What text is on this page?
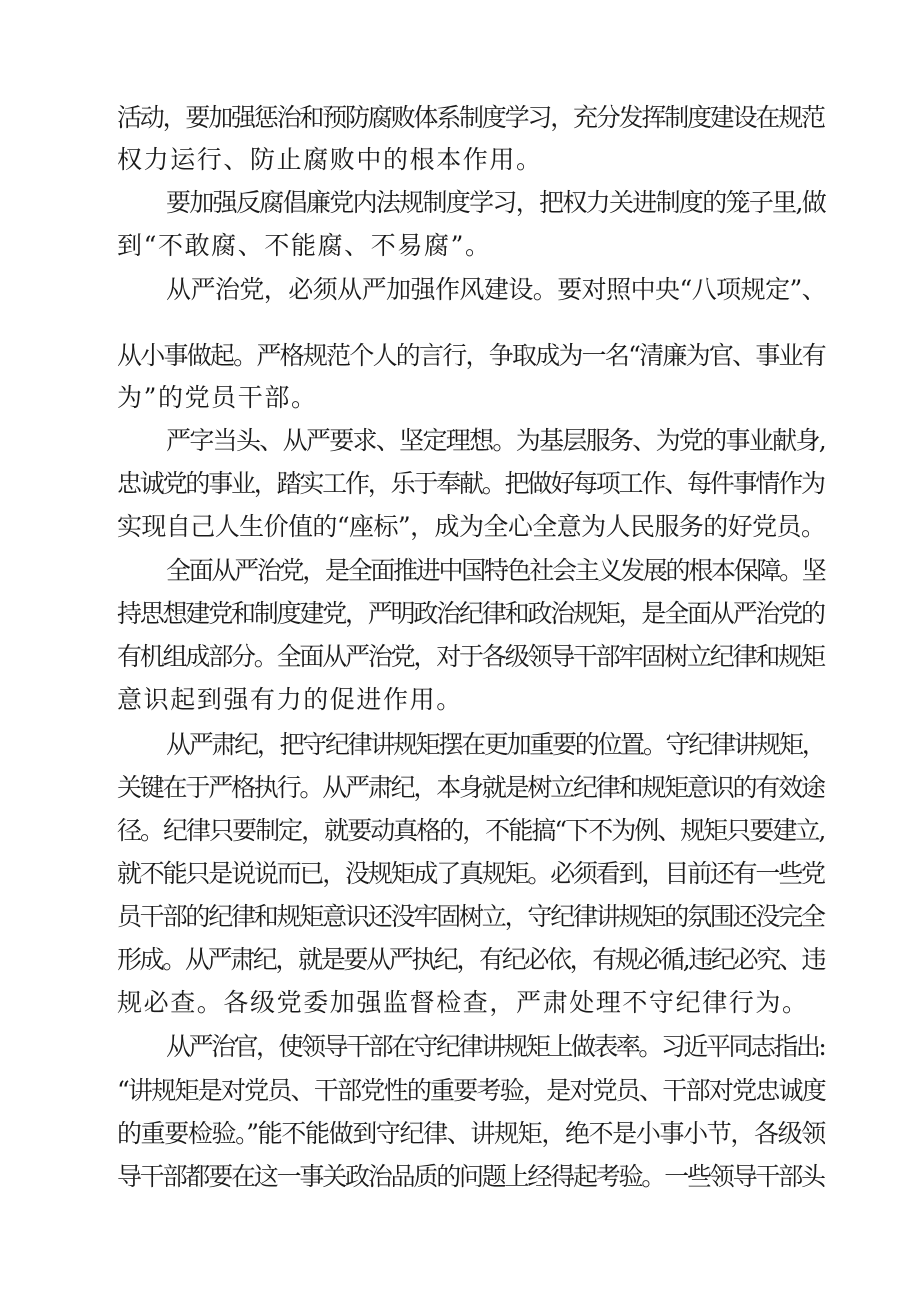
活动，要加强惩治和预防腐败体系制度学习，充分发挥制度建设在规范

权力运行、防止腐败中的根本作用。

要加强反腐倡廉党内法规制度学习，把权力关进制度的笼子里,做

到“不敢腐、不能腐、不易腐”。

从严治党，必须从严加强作风建设。要对照中央“八项规定”、

从小事做起。严格规范个人的言行，争取成为一名“清廉为官、事业有

为”的党员干部。

严字当头、从严要求、坚定理想。为基层服务、为党的事业献身,

忠诚党的事业，踏实工作，乐于奉献。把做好每项工作、每件事情作为

实现自己人生价值的“座标”，成为全心全意为人民服务的好党员。

全面从严治党，是全面推进中国特色社会主义发展的根本保障。坚

持思想建党和制度建党，严明政治纪律和政治规矩，是全面从严治党的

有机组成部分。全面从严治党，对于各级领导干部牢固树立纪律和规矩

意识起到强有力的促进作用。

从严肃纪，把守纪律讲规矩摆在更加重要的位置。守纪律讲规矩，

关键在于严格执行。从严肃纪，本身就是树立纪律和规矩意识的有效途

径。纪律只要制定，就要动真格的，不能搞“下不为例、规矩只要建立,

就不能只是说说而已，没规矩成了真规矩。必须看到，目前还有一些党

员干部的纪律和规矩意识还没牢固树立，守纪律讲规矩的氛围还没完全

形成。从严肃纪，就是要从严执纪，有纪必依，有规必循,违纪必究、违

规必查。各级党委加强监督检查，严肃处理不守纪律行为。

从严治官，使领导干部在守纪律讲规矩上做表率。习近平同志指出:

“讲规矩是对党员、干部党性的重要考验，是对党员、干部对党忠诚度

的重要检验。”能不能做到守纪律、讲规矩，绝不是小事小节，各级领

导干部都要在这一事关政治品质的问题上经得起考验。一些领导干部头
